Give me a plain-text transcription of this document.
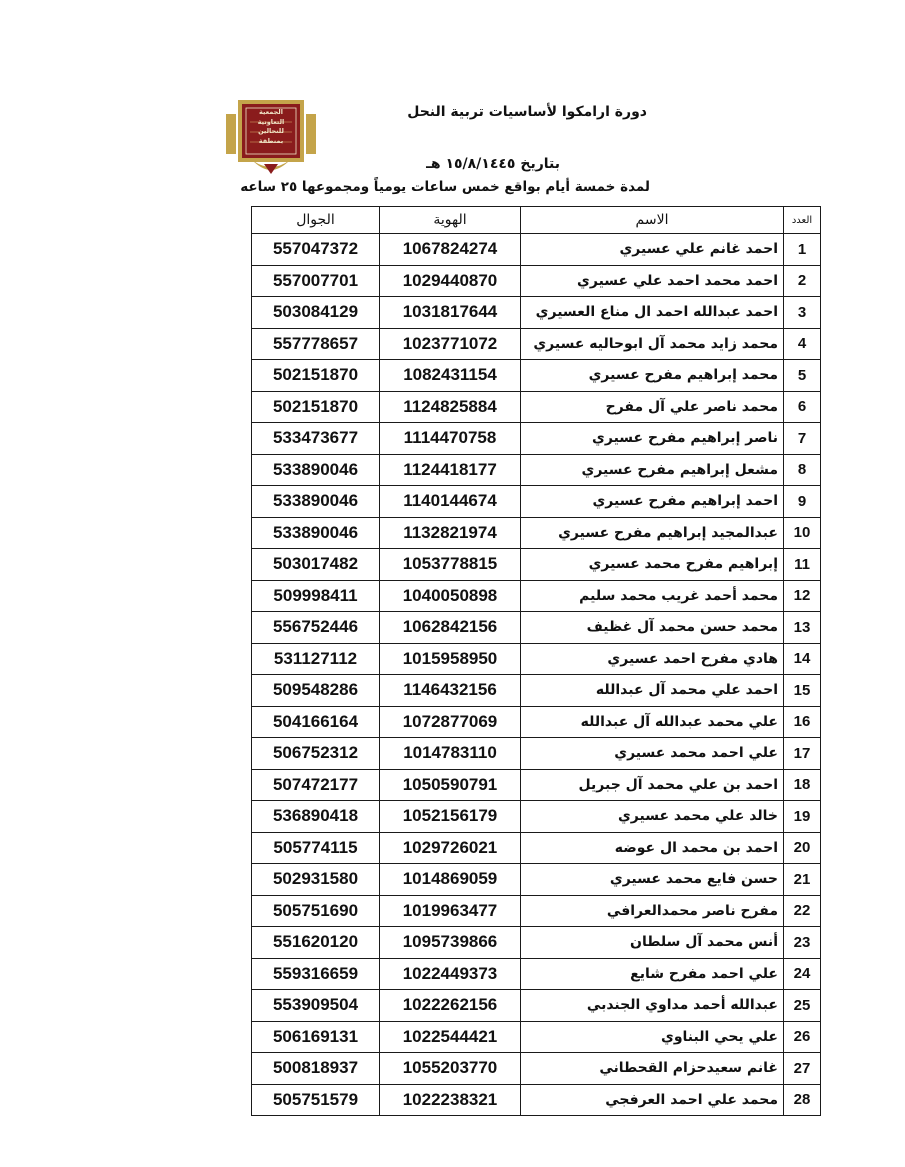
الجمعية
التعاونية
للنحالين
بمنطقة
دورة ارامكوا لأساسيات تربية النحل
بتاريخ ١٥/٨/١٤٤٥ هـ
لمدة خمسة أيام بواقع خمس ساعات يومياً ومجموعها ٢٥ ساعه
العدد	الاسم	الهوية	الجوال
1	احمد غانم علي عسيري	1067824274	557047372
2	احمد محمد احمد علي عسيري	1029440870	557007701
3	احمد عبدالله احمد ال مناع العسيري	1031817644	503084129
4	محمد زايد محمد آل ابوحاليه عسيري	1023771072	557778657
5	محمد إبراهيم مفرح عسيري	1082431154	502151870
6	محمد ناصر علي آل مفرح	1124825884	502151870
7	ناصر إبراهيم مفرح عسيري	1114470758	533473677
8	مشعل إبراهيم مفرح عسيري	1124418177	533890046
9	احمد إبراهيم مفرح عسيري	1140144674	533890046
10	عبدالمجيد إبراهيم مفرح عسيري	1132821974	533890046
11	إبراهيم مفرح محمد عسيري	1053778815	503017482
12	محمد أحمد غريب محمد سليم	1040050898	509998411
13	محمد حسن محمد آل غظيف	1062842156	556752446
14	هادي مفرح احمد عسيري	1015958950	531127112
15	احمد علي محمد آل عبدالله	1146432156	509548286
16	علي محمد عبدالله آل عبدالله	1072877069	504166164
17	علي احمد محمد عسيري	1014783110	506752312
18	احمد بن علي محمد آل جبريل	1050590791	507472177
19	خالد علي محمد عسيري	1052156179	536890418
20	احمد بن محمد ال عوضه	1029726021	505774115
21	حسن فايع محمد عسيري	1014869059	502931580
22	مفرح ناصر محمدالعرافي	1019963477	505751690
23	أنس محمد آل سلطان	1095739866	551620120
24	علي احمد مفرح شايع	1022449373	559316659
25	عبدالله أحمد مداوي الجندبي	1022262156	553909504
26	علي يحي البناوي	1022544421	506169131
27	غانم سعيدحزام القحطاني	1055203770	500818937
28	محمد علي احمد العرفجي	1022238321	505751579
